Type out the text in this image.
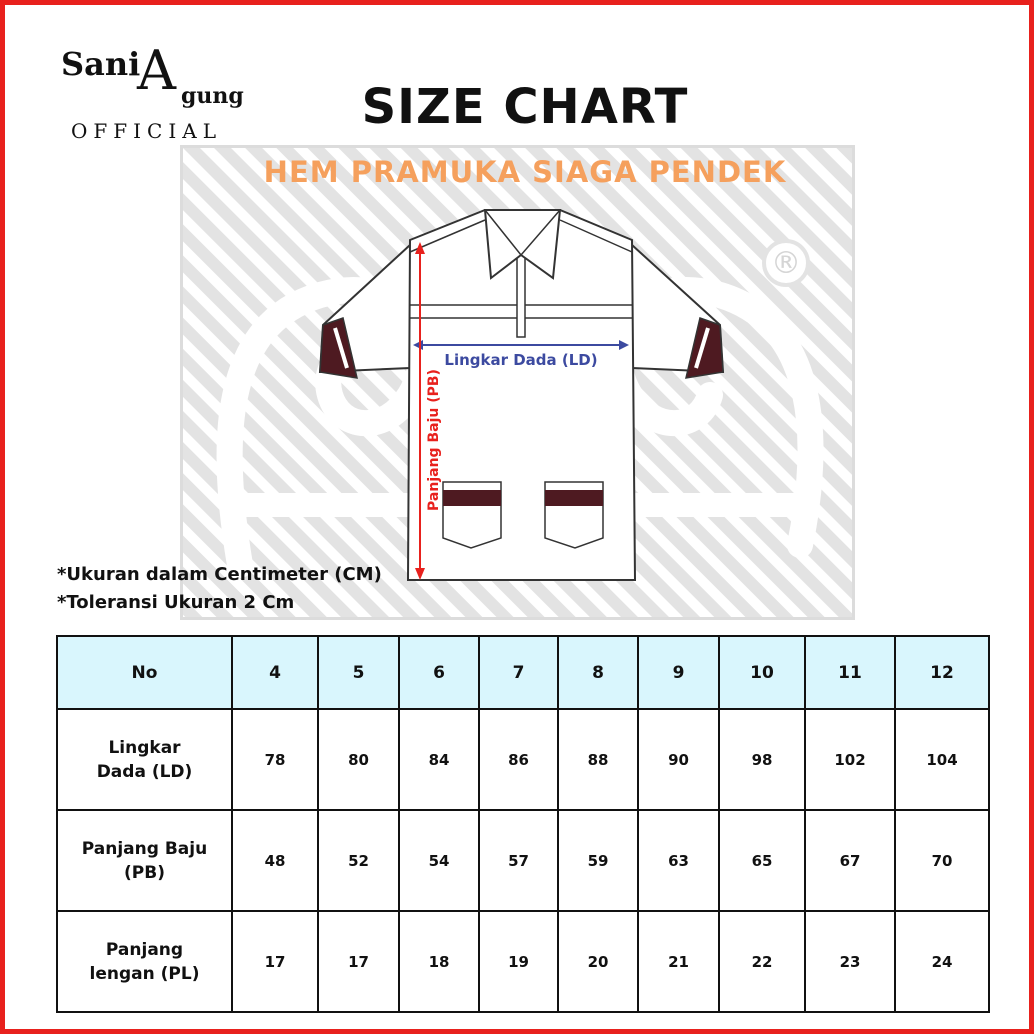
®
Sani
A gung
OFFICIAL	SIZE CHART
HEM PRAMUKA SIAGA PENDEK
Lingkar Dada (LD)
Panjang Baju (PB)
*Ukuran dalam Centimeter (CM)
*Toleransi Ukuran 2 Cm
No	4	5	6	7	8	9	10	11	12
Lingkar
Dada (LD)	78	80	84	86	88	90	98	102	104
Panjang Baju
(PB)	48	52	54	57	59	63	65	67	70
Panjang
lengan (PL)	17	17	18	19	20	21	22	23	24
